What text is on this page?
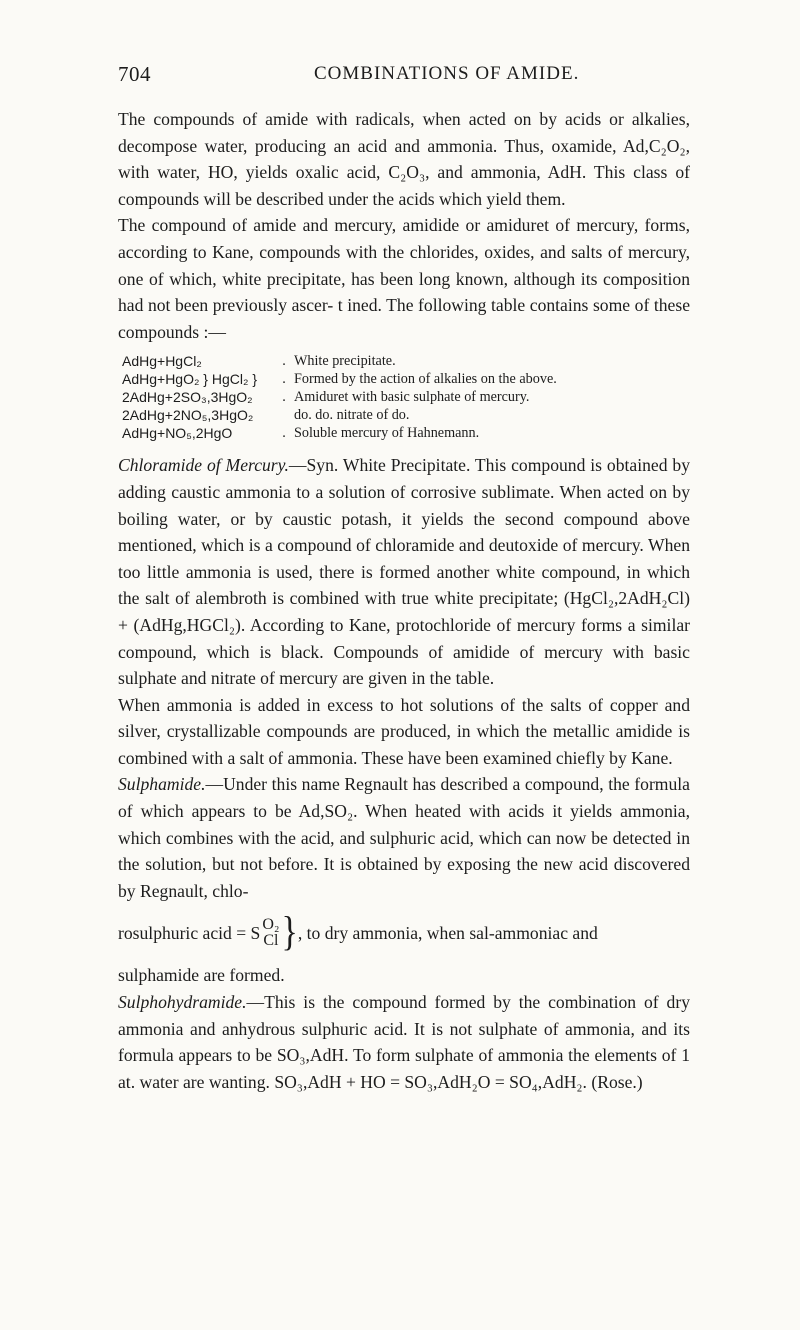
704	COMBINATIONS OF AMIDE.

The compounds of amide with radicals, when acted on by acids or alkalies, decompose water, producing an acid and ammonia. Thus, oxamide, Ad,C₂O₂, with water, HO, yields oxalic acid, C₂O₃, and ammonia, AdH. This class of compounds will be described under the acids which yield them.

The compound of amide and mercury, amidide or amiduret of mercury, forms, according to Kane, compounds with the chlorides, oxides, and salts of mercury, one of which, white precipitate, has been long known, although its composition had not been previously ascer- t ined. The following table contains some of these compounds :—

AdHg+HgCl₂	. White precipitate.
AdHg+HgO₂ } HgCl₂ }	. Formed by the action of alkalies on the above.
2AdHg+2SO₃,3HgO₂	. Amiduret with basic sulphate of mercury.
2AdHg+2NO₅,3HgO₂	do. do. nitrate of do.
AdHg+NO₅,2HgO	. Soluble mercury of Hahnemann.

Chloramide of Mercury.—Syn. White Precipitate. This compound is obtained by adding caustic ammonia to a solution of corrosive sublimate. When acted on by boiling water, or by caustic potash, it yields the second compound above mentioned, which is a compound of chloramide and deutoxide of mercury. When too little ammonia is used, there is formed another white compound, in which the salt of alembroth is combined with true white precipitate; (HgCl₂,2AdH₂Cl) + (AdHg,HGCl₂). According to Kane, protochloride of mercury forms a similar compound, which is black. Compounds of amidide of mercury with basic sulphate and nitrate of mercury are given in the table.

When ammonia is added in excess to hot solutions of the salts of copper and silver, crystallizable compounds are produced, in which the metallic amidide is combined with a salt of ammonia. These have been examined chiefly by Kane.

Sulphamide.—Under this name Regnault has described a compound, the formula of which appears to be Ad,SO₂. When heated with acids it yields ammonia, which combines with the acid, and sulphuric acid, which can now be detected in the solution, but not before. It is obtained by exposing the new acid discovered by Regnault, chlo-

rosulphuric acid = S O₂
Cl } , to dry ammonia, when sal-ammoniac and

sulphamide are formed.

Sulphohydramide.—This is the compound formed by the combination of dry ammonia and anhydrous sulphuric acid. It is not sulphate of ammonia, and its formula appears to be SO₃,AdH. To form sulphate of ammonia the elements of 1 at. water are wanting. SO₃,AdH + HO = SO₃,AdH₂O = SO₄,AdH₂. (Rose.)
